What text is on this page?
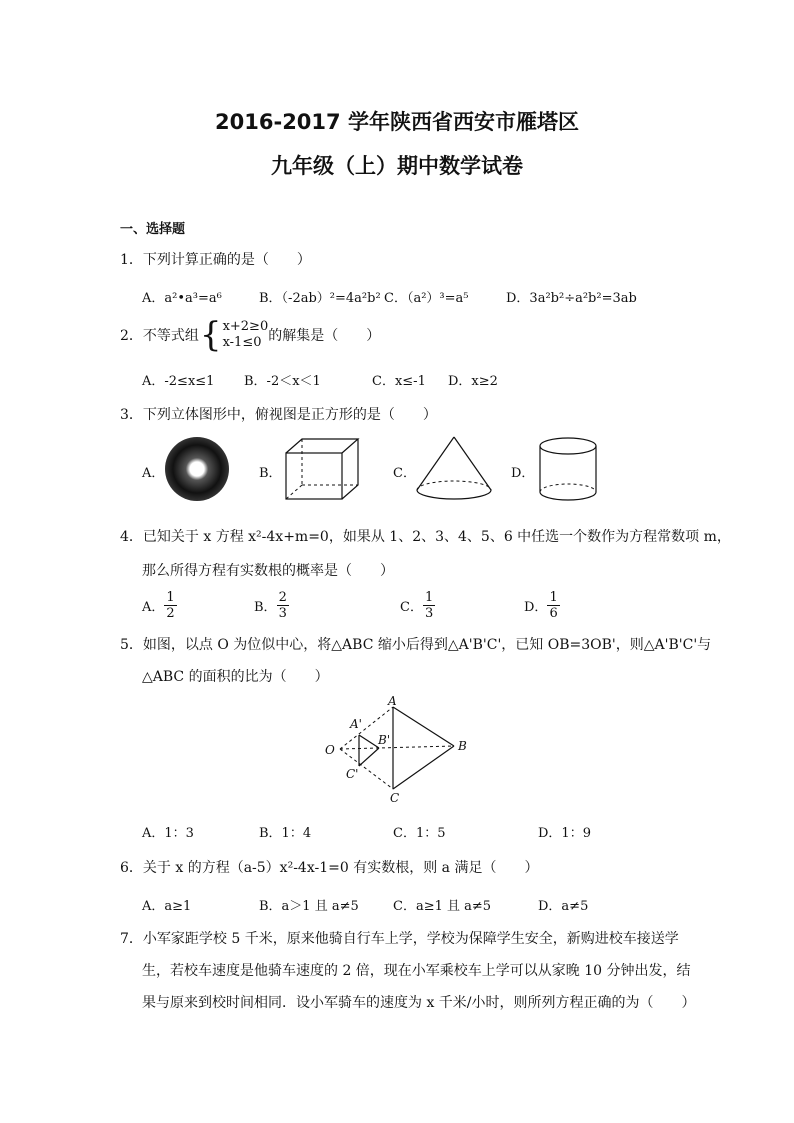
2016-2017 学年陕西省西安市雁塔区
九年级（上）期中数学试卷
一、选择题
1．下列计算正确的是（　　）
A．a²•a³=a⁶	B．（-2ab）²=4a²b² C．（a²）³=a⁵	D．3a²b²÷a²b²=3ab
2．不等式组{ x+2≥0
x-1≤0 的解集是（　　）
A．-2≤x≤1 B．-2＜x＜1	C．x≤-1 D．x≥2
3．下列立体图形中，俯视图是正方形的是（　　）
A．	B．	C．	D．
4．已知关于 x 方程 x²-4x+m=0，如果从 1、2、3、4、5、6 中任选一个数作为方程常数项 m，
那么所得方程有实数根的概率是（　　）
A． $\frac{1}{2}$	B． $\frac{2}{3}$	C． $\frac{1}{3}$	D． $\frac{1}{6}$
5．如图，以点 O 为位似中心，将△ABC 缩小后得到△A'B'C'，已知 OB=3OB'，则△A'B'C'与
△ABC 的面积的比为（　　）
A
A'
B
B'
C
C'
O
A．1：3	B．1：4	C．1：5	D．1：9
6．关于 x 的方程（a-5）x²-4x-1=0 有实数根，则 a 满足（　　）
A．a≥1	B．a＞1 且 a≠5	C．a≥1 且 a≠5	D．a≠5
7．小军家距学校 5 千米，原来他骑自行车上学，学校为保障学生安全，新购进校车接送学
生，若校车速度是他骑车速度的 2 倍，现在小军乘校车上学可以从家晚 10 分钟出发，结
果与原来到校时间相同．设小军骑车的速度为 x 千米/小时，则所列方程正确的为（　　）
